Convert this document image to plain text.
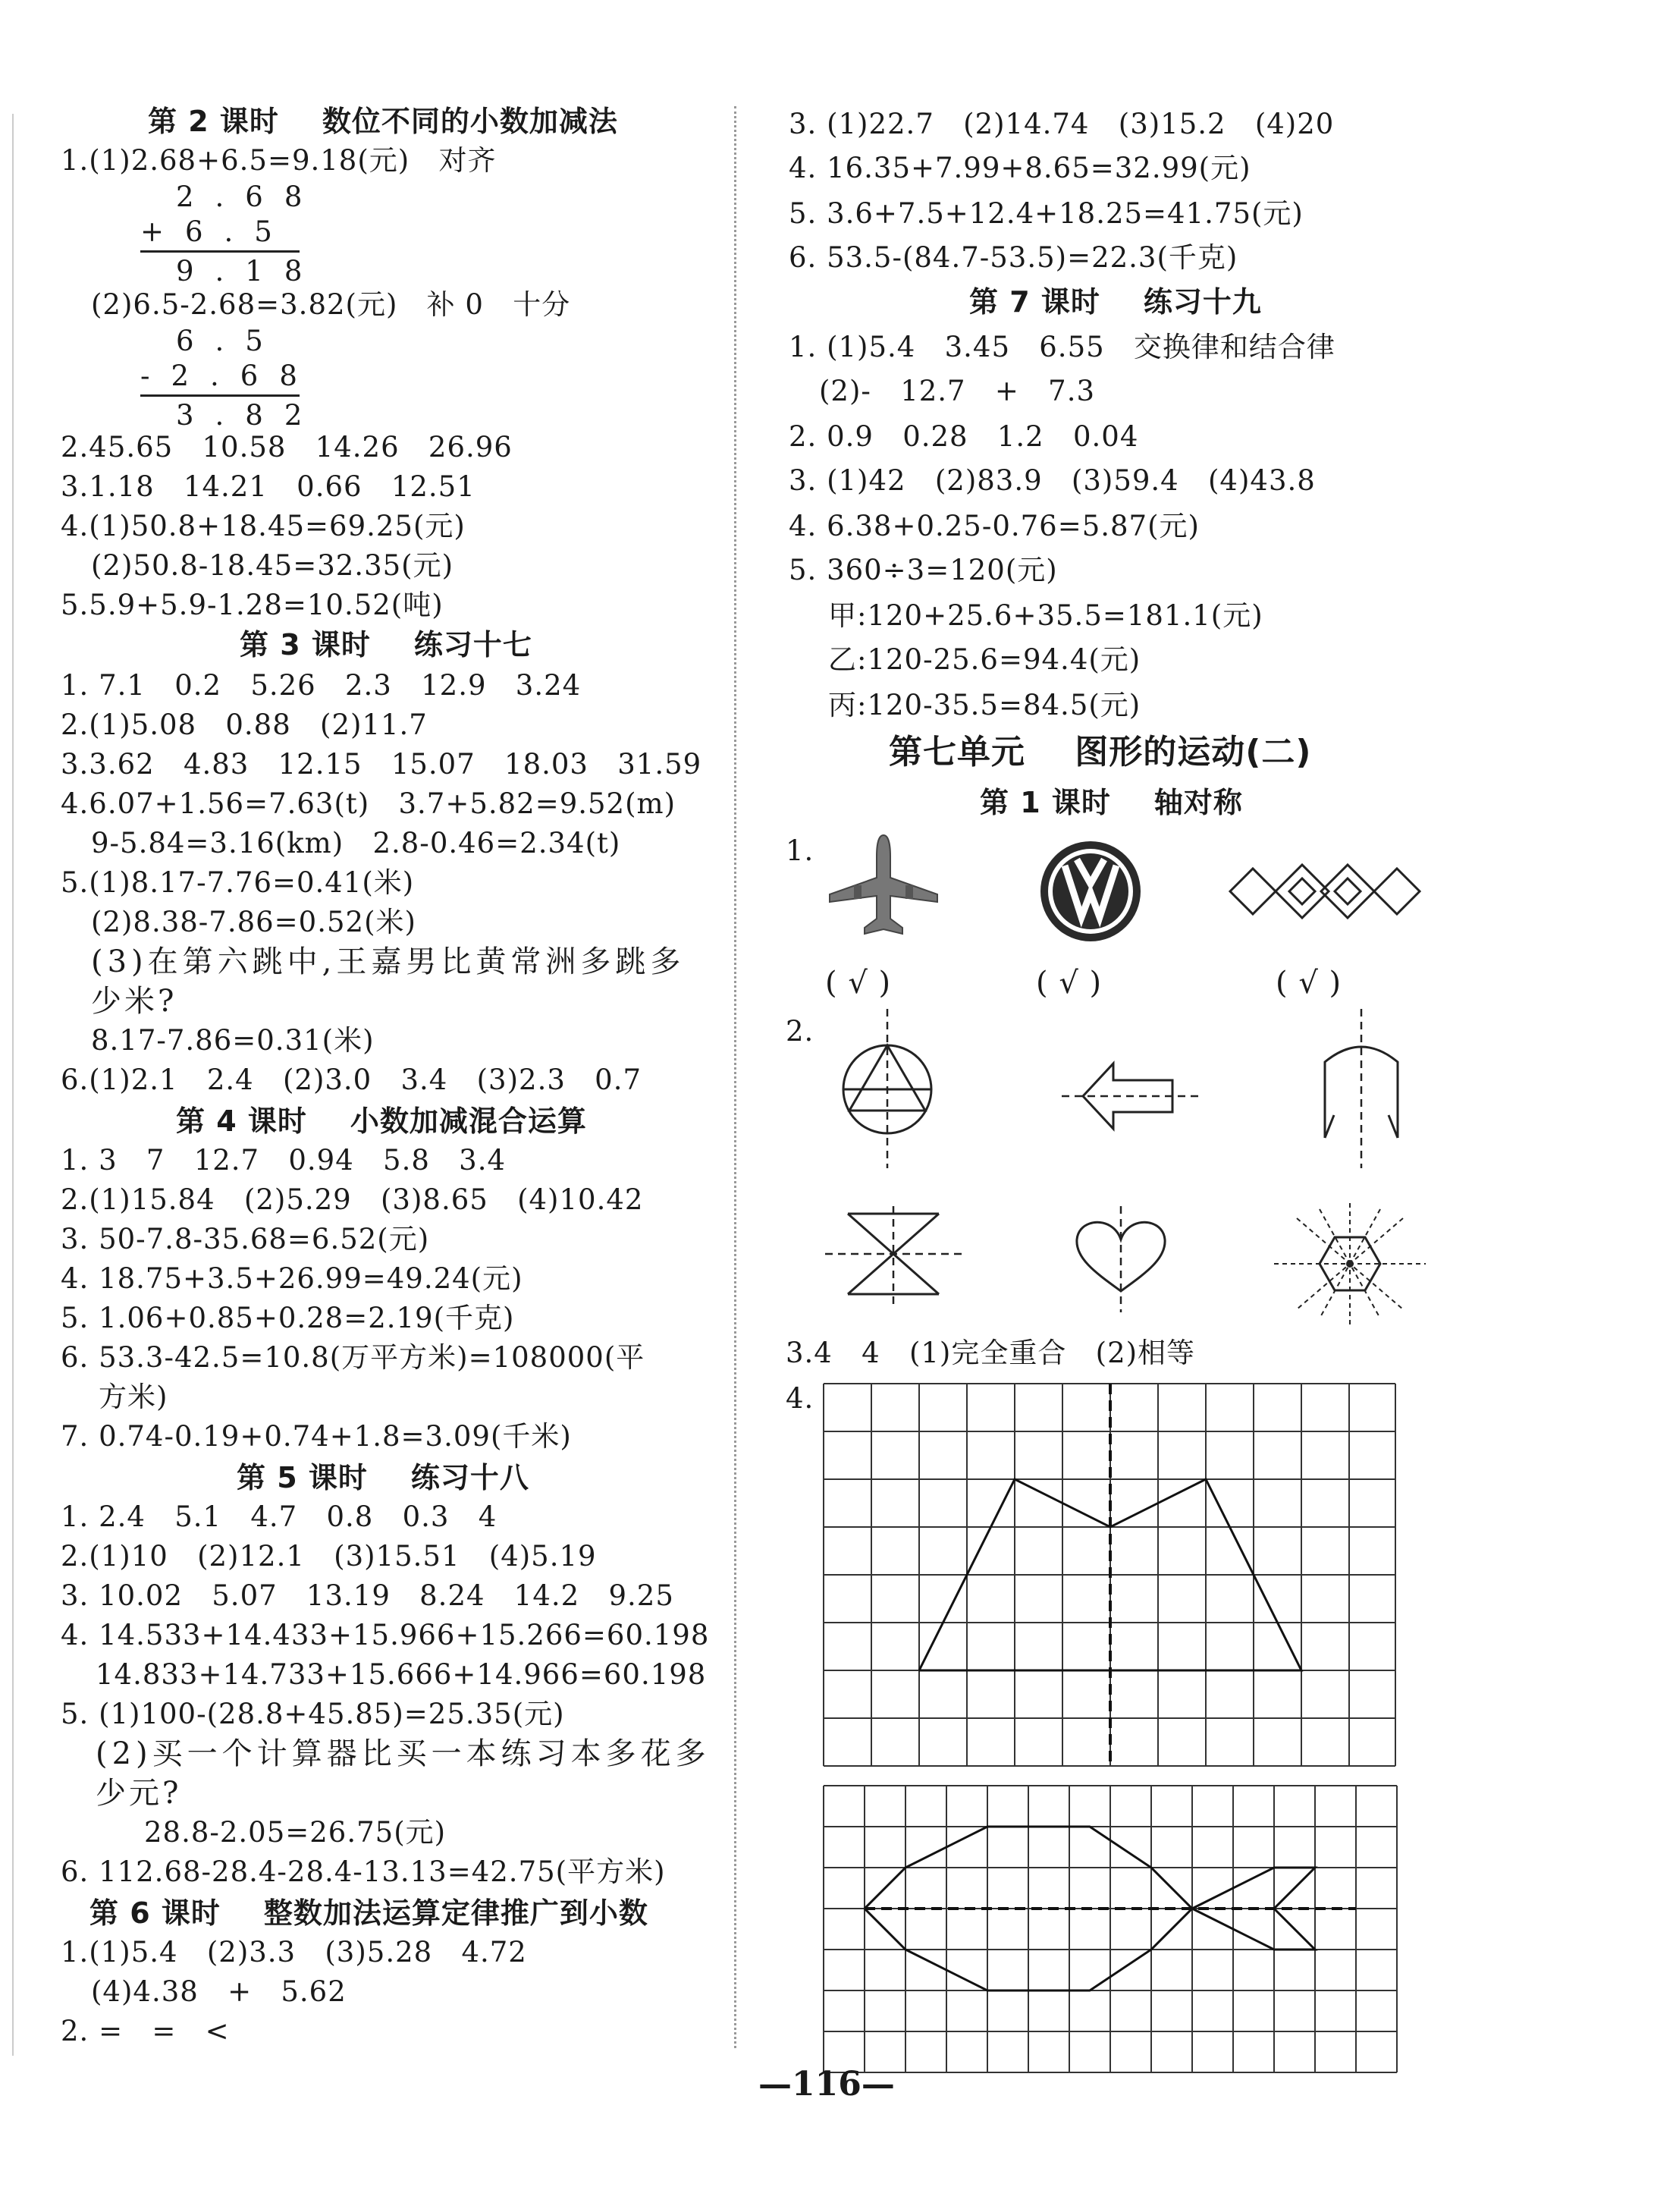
第 2 课时    数位不同的小数加减法
1.(1)2.68+6.5=9.18(元)   对齐
2.68
+6.5
9.18
(2)6.5-2.68=3.82(元)   补 0   十分
6.5
-2.68
3.82
2.45.65   10.58   14.26   26.96
3.1.18   14.21   0.66   12.51
4.(1)50.8+18.45=69.25(元)
(2)50.8-18.45=32.35(元)
5.5.9+5.9-1.28=10.52(吨)
第 3 课时    练习十七
1. 7.1   0.2   5.26   2.3   12.9   3.24
2.(1)5.08   0.88   (2)11.7
3.3.62   4.83   12.15   15.07   18.03   31.59
4.6.07+1.56=7.63(t)   3.7+5.82=9.52(m)
9-5.84=3.16(km)   2.8-0.46=2.34(t)
5.(1)8.17-7.76=0.41(米)
(2)8.38-7.86=0.52(米)
(3)在第六跳中,王嘉男比黄常洲多跳多
少米?
8.17-7.86=0.31(米)
6.(1)2.1   2.4   (2)3.0   3.4   (3)2.3   0.7
第 4 课时    小数加减混合运算
1. 3   7   12.7   0.94   5.8   3.4
2.(1)15.84   (2)5.29   (3)8.65   (4)10.42
3. 50-7.8-35.68=6.52(元)
4. 18.75+3.5+26.99=49.24(元)
5. 1.06+0.85+0.28=2.19(千克)
6. 53.3-42.5=10.8(万平方米)=108000(平
方米)
7. 0.74-0.19+0.74+1.8=3.09(千米)
第 5 课时    练习十八
1. 2.4   5.1   4.7   0.8   0.3   4
2.(1)10   (2)12.1   (3)15.51   (4)5.19
3. 10.02   5.07   13.19   8.24   14.2   9.25
4. 14.533+14.433+15.966+15.266=60.198
14.833+14.733+15.666+14.966=60.198
5. (1)100-(28.8+45.85)=25.35(元)
(2)买一个计算器比买一本练习本多花多
少元?
28.8-2.05=26.75(元)
6. 112.68-28.4-28.4-13.13=42.75(平方米)
第 6 课时    整数加法运算定律推广到小数
1.(1)5.4   (2)3.3   (3)5.28   4.72
(4)4.38   +   5.62
2. =   =   <
3. (1)22.7   (2)14.74   (3)15.2   (4)20
4. 16.35+7.99+8.65=32.99(元)
5. 3.6+7.5+12.4+18.25=41.75(元)
6. 53.5-(84.7-53.5)=22.3(千克)
第 7 课时    练习十九
1. (1)5.4   3.45   6.55   交换律和结合律
(2)-   12.7   +   7.3
2. 0.9   0.28   1.2   0.04
3. (1)42   (2)83.9   (3)59.4   (4)43.8
4. 6.38+0.25-0.76=5.87(元)
5. 360÷3=120(元)
甲:120+25.6+35.5=181.1(元)
乙:120-25.6=94.4(元)
丙:120-35.5=84.5(元)
第七单元    图形的运动(二)
第 1 课时    轴对称
1.
( √ )	( √ )	( √ )
2.
3.4   4   (1)完全重合   (2)相等
4.
—116—
